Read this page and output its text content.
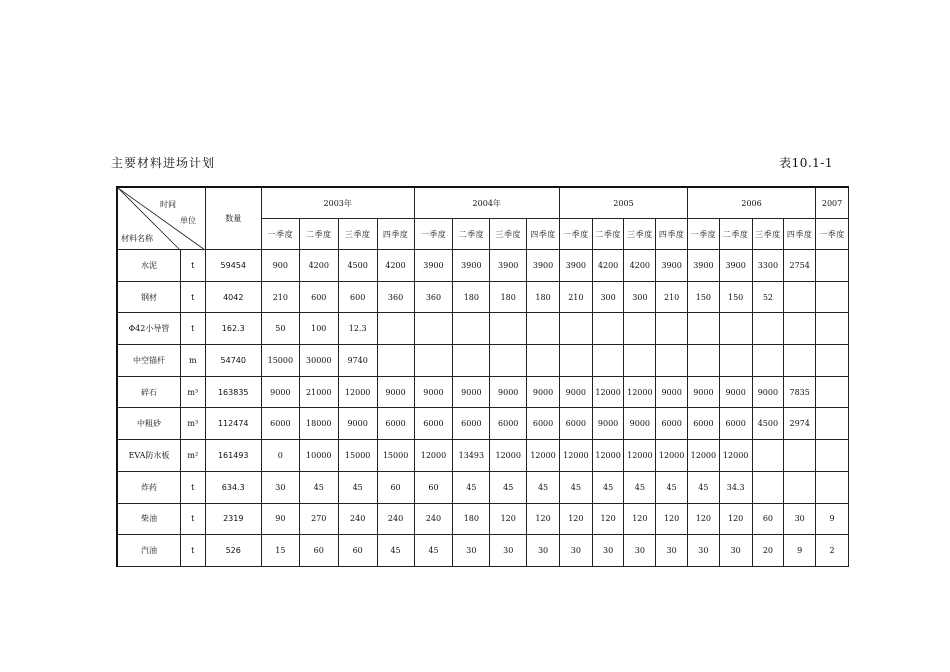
主要材料进场计划	表10.1-1
时间
单位
材料名称		数量	2003年				2004年				2005				2006				2007
			一季度	二季度	三季度	四季度	一季度	二季度	三季度	四季度	一季度	二季度	三季度	四季度	一季度	二季度	三季度	四季度	一季度
水泥	t	59454	900	4200	4500	4200	3900	3900	3900	3900	3900	4200	4200	3900	3900	3900	3300	2754	
钢材	t	4042	210	600	600	360	360	180	180	180	210	300	300	210	150	150	52		
Φ42小导管	t	162.3	50	100	12.3														
中空锚杆	m	54740	15000	30000	9740														
碎石	m³	163835	9000	21000	12000	9000	9000	9000	9000	9000	9000	12000	12000	9000	9000	9000	9000	7835	
中粗砂	m³	112474	6000	18000	9000	6000	6000	6000	6000	6000	6000	9000	9000	6000	6000	6000	4500	2974	
EVA防水板	m²	161493	0	10000	15000	15000	12000	13493	12000	12000	12000	12000	12000	12000	12000	12000			
炸药	t	634.3	30	45	45	60	60	45	45	45	45	45	45	45	45	34.3			
柴油	t	2319	90	270	240	240	240	180	120	120	120	120	120	120	120	120	60	30	9
汽油	t	526	15	60	60	45	45	30	30	30	30	30	30	30	30	30	20	9	2
